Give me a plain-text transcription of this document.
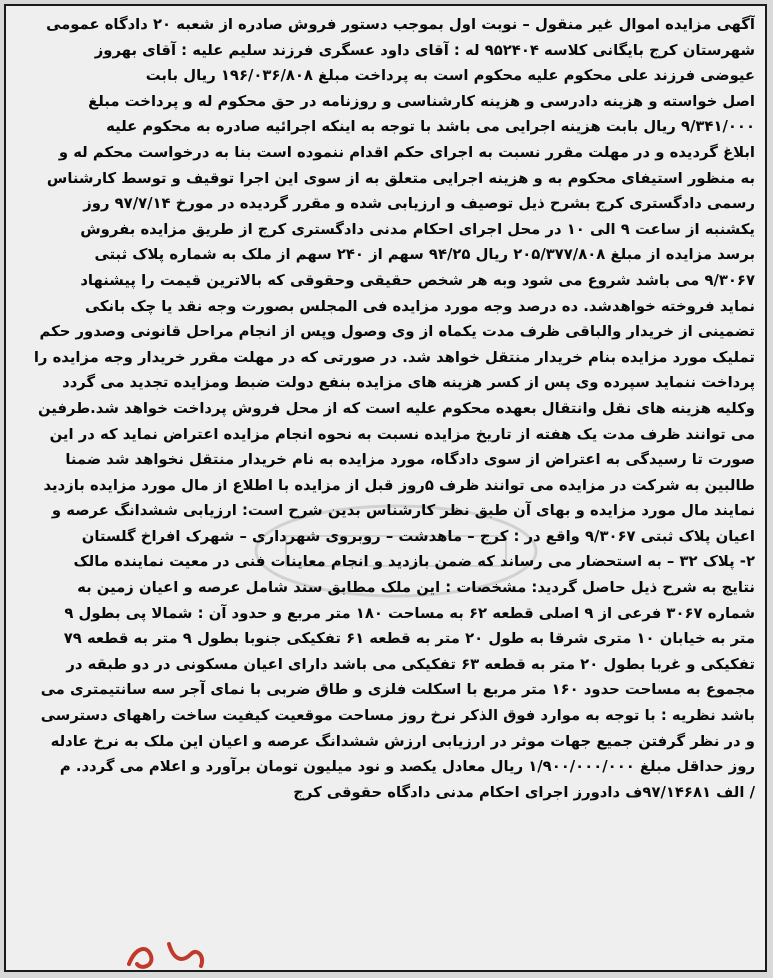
آگهی مزایده اموال غیر منقول – نوبت اول بموجب دستور فروش صادره از شعبه ۲۰ دادگاه عمومی
شهرستان کرج بایگانی کلاسه ۹۵۲۴۰۴ له : آقای داود عسگری فرزند سلیم علیه : آقای بهروز
عیوضی فرزند علی محکوم علیه محکوم است به پرداخت مبلغ ۱۹۶/۰۳۶/۸۰۸ ریال بابت
اصل خواسته و هزینه دادرسی و هزینه کارشناسی و روزنامه در حق محکوم له و پرداخت مبلغ
۹/۳۴۱/۰۰۰ ریال بابت هزینه اجرایی می باشد با توجه به اینکه اجرائیه صادره به محکوم علیه
ابلاغ گردیده و در مهلت مقرر نسبت به اجرای حکم اقدام ننموده است بنا به درخواست محکم له و
به منظور استیفای محکوم به و هزینه اجرایی متعلق به از سوی این اجرا توقیف و توسط کارشناس
رسمی دادگستری کرج بشرح ذیل توصیف و ارزیابی شده و مقرر گردیده در مورخ ۹۷/۷/۱۴ روز
یکشنبه از ساعت ۹ الی ۱۰ در محل اجرای احکام مدنی دادگستری کرج از طریق مزایده بفروش
برسد مزایده از مبلغ ۲۰۵/۳۷۷/۸۰۸ ریال ۹۴/۲۵ سهم از ۲۴۰ سهم از ملک به شماره پلاک ثبتی
۹/۳۰۶۷ می باشد شروع می شود وبه هر شخص حقیقی وحقوقی که بالاترین قیمت را پیشنهاد
نماید فروخته خواهدشد. ده درصد وجه مورد مزایده فی المجلس بصورت وجه نقد یا چک بانکی
تضمینی از خریدار والباقی ظرف مدت یکماه از وی وصول وپس از انجام مراحل قانونی وصدور حکم
تملیک مورد مزایده بنام خریدار منتقل خواهد شد. در صورتی که در مهلت مقرر خریدار وجه مزایده را
پرداخت ننماید سپرده وی پس از کسر هزینه های مزایده بنفع دولت ضبط ومزایده تجدید می گردد
وکلیه هزینه های نقل وانتقال بعهده محکوم علیه است که از محل فروش پرداخت خواهد شد.طرفین
می توانند ظرف مدت یک هفته از تاریخ مزایده نسبت به نحوه انجام مزایده اعتراض نماید که در این
صورت تا رسیدگی به اعتراض از سوی دادگاه، مورد مزایده به نام خریدار منتقل نخواهد شد ضمنا
طالبین به شرکت در مزایده می توانند ظرف ۵روز قبل از مزایده با اطلاع از مال مورد مزایده بازدید
نمایند مال مورد مزایده و بهای آن طبق نظر کارشناس بدین شرح است: ارزیابی ششدانگ عرصه و
اعیان پلاک ثبتی ۹/۳۰۶۷ واقع در : کرج – ماهدشت – روبروی شهرداری – شهرک افراخ گلستان
۲- پلاک ۳۲ – به استحضار می رساند که ضمن بازدید و انجام معاینات فنی در معیت نماینده مالک
نتایج به شرح ذیل حاصل گردید: مشخصات : این ملک مطابق سند شامل عرصه و اعیان زمین به
شماره ۳۰۶۷ فرعی از ۹ اصلی قطعه ۶۲ به مساحت ۱۸۰ متر مربع و حدود آن : شمالا پی بطول ۹
متر به خیابان ۱۰ متری شرقا به طول ۲۰ متر به قطعه ۶۱ تفکیکی جنوبا بطول ۹ متر به قطعه ۷۹
تفکیکی و غربا بطول ۲۰ متر به قطعه ۶۳ تفکیکی می باشد دارای اعیان مسکونی در دو طبقه در
مجموع به مساحت حدود ۱۶۰ متر مربع با اسکلت فلزی و طاق ضربی با نمای آجر سه سانتیمتری می
باشد نظریه : با توجه به موارد فوق الذکر نرخ روز مساحت موقعیت کیفیت ساخت راههای دسترسی
و در نظر گرفتن جمیع جهات موثر در ارزیابی ارزش ششدانگ عرصه و اعیان این ملک به نرخ عادله
روز حداقل مبلغ ۱/۹۰۰/۰۰۰/۰۰۰ ریال معادل یکصد و نود میلیون تومان برآورد و اعلام می گردد. م
/ الف ۹۷/۱۴۶۸۱ف دادورز اجرای احکام مدنی دادگاه حقوقی کرج
